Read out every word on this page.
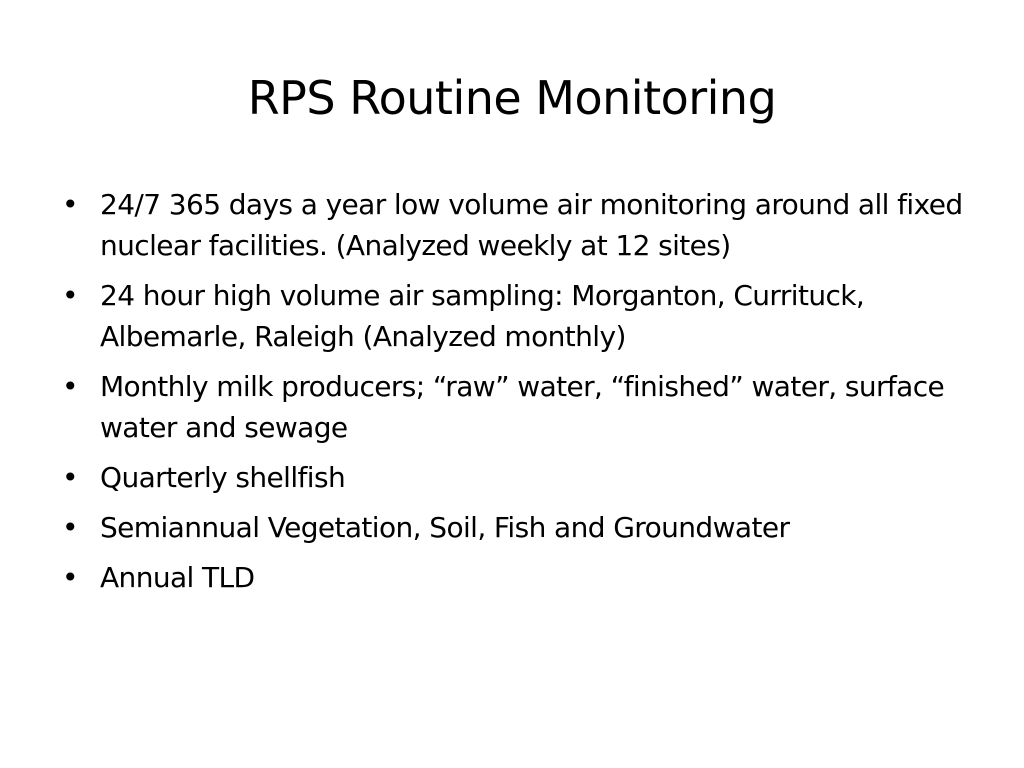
RPS Routine Monitoring
• 24/7 365 days a year low volume air monitoring around all fixed nuclear facilities. (Analyzed weekly at 12 sites)
• 24 hour high volume air sampling: Morganton, Currituck, Albemarle, Raleigh (Analyzed monthly)
• Monthly milk producers; “raw” water, “finished” water, surface water and sewage
• Quarterly shellfish
• Semiannual Vegetation, Soil, Fish and Groundwater
• Annual TLD
